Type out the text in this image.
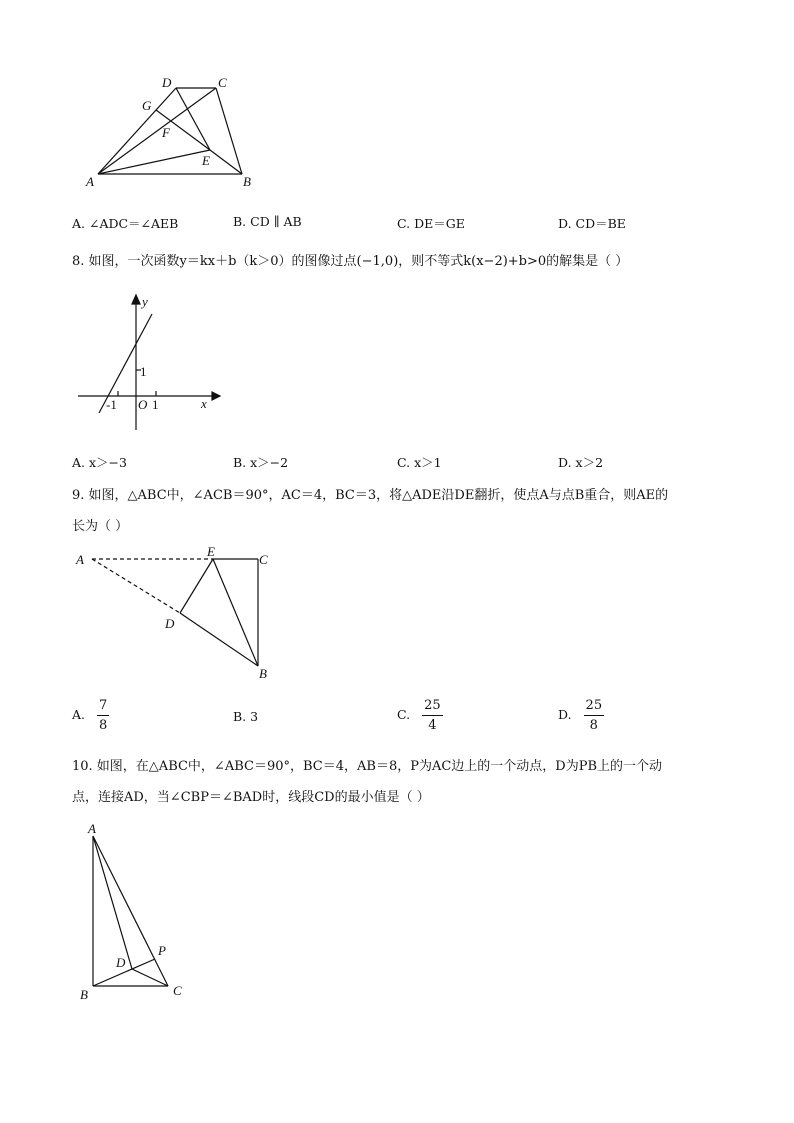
D	C
G
F
E
A	B
A. ∠ADC＝∠AEB	B. CD ∥ AB	C. DE＝GE	D. CD＝BE
8. 如图，一次函数y＝kx＋b（k＞0）的图像过点(−1,0)，则不等式k(x−2)+b>0的解集是（ ）
y
x
1
-1 O 1
A. x＞−3	B. x＞−2	C. x＞1	D. x＞2
9. 如图，△ABC中，∠ACB＝90°，AC＝4，BC＝3，将△ADE沿DE翻折，使点A与点B重合，则AE的
长为（ ）
A
E
C
D
B
A. $\frac{7}{8}$	B. 3	C. $\frac{25}{4}$	D. $\frac{25}{8}$
10. 如图，在△ABC中，∠ABC＝90°，BC＝4，AB＝8，P为AC边上的一个动点，D为PB上的一个动
点，连接AD，当∠CBP＝∠BAD时，线段CD的最小值是（ ）
A
D
P
B	C
